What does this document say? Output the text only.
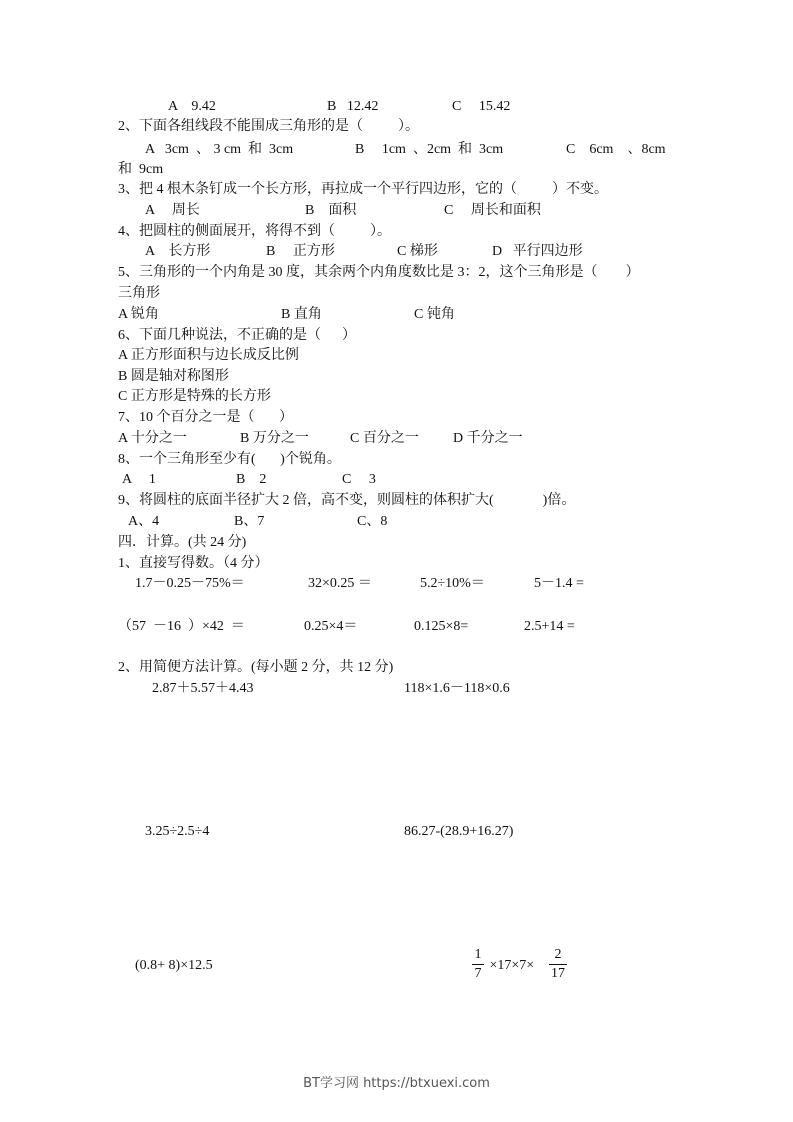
A    9.42	B   12.42	C     15.42
2、下面各组线段不能围成三角形的是（          ）。
A   3cm  、 3 cm  和  3cm	B     1cm  、2cm  和  3cm	C    6cm    、8cm
和  9cm
3、把 4 根木条钉成一个长方形，再拉成一个平行四边形，它的（          ）不变。
A     周长	B    面积	C     周长和面积
4、把圆柱的侧面展开，将得不到（          ）。
A    长方形	B     正方形	C 梯形	D   平行四边形
5、三角形的一个内角是 30 度，其余两个内角度数比是 3：2，这个三角形是（        ）
三角形
A 锐角	B 直角	C 钝角
6、下面几种说法，不正确的是（      ）
A 正方形面积与边长成反比例
B 圆是轴对称图形
C 正方形是特殊的长方形
7、10 个百分之一是（       ）
A 十分之一	B 万分之一	C 百分之一 D 千分之一
8、一个三角形至少有(       )个锐角。
A     1	B    2	C     3
9、将圆柱的底面半径扩大 2 倍，高不变，则圆柱的体积扩大(              )倍。
A、4	B、7	C、8
四．计算。(共 24 分)
1、直接写得数。（4 分）
1.7－0.25－75%＝	32×0.25 ＝	5.2÷10%＝	5－1.4 =
（57  －16  ）×42  ＝	0.25×4＝	0.125×8=	2.5+14 =
2、用简便方法计算。(每小题 2 分，共 12 分)
2.87＋5.57＋4.43	118×1.6－118×0.6
3.25÷2.5÷4	86.27-(28.9+16.27)
(0.8+ 8)×12.5
1
7
×17×7×
2
17
BT学习网 https://btxuexi.com
